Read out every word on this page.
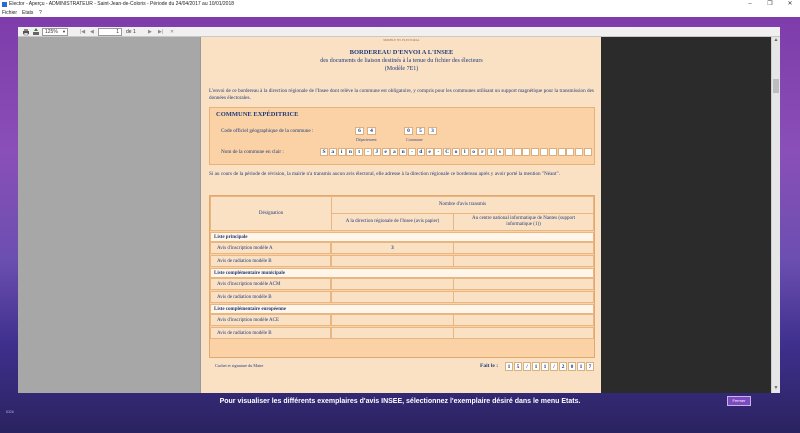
Elector - Aperçu - ADMINISTRATEUR - Saint-Jean-de-Coloris - Période du 24/04/2017 au 10/01/2018	–	❐	✕
Fichier Etats ?
125% ▼	|◀ ◀	1	de 1 ▶ ▶| ✕
MODELE 7E1 ELECTORAL
BORDEREAU D'ENVOI A L'INSEE
des documents de liaison destinés à la tenue du fichier des électeurs
(Modèle 7E1)
L'envoi de ce bordereau à la direction régionale de l'Insee dont relève la commune est obligatoire, y compris pour les communes utilisant un support magnétique pour la transmission des données électorales.
COMMUNE EXPÉDITRICE
Code officiel géographique de la commune :	6	4
Département
0	5	3
Commune
Nom de la commune en clair :	S	a	i	n	t	-	J	e	a	n	-	d	e	-	C o	l	o	r	i	s
Si au cours de la période de révision, la mairie n'a transmis aucun avis électoral, elle adresse à la direction régionale ce bordereau après y avoir porté la mention "Néant".
Désignation
Nombre d'avis transmis
A la direction régionale de l'Insee (avis papier)
Au centre national informatique de Nantes (support informatique (1))
Liste principale
Avis d'inscription modèle A	3
Avis de radiation modèle B
Liste complémentaire municipale
Avis d'inscription modèle ACM
Avis de radiation modèle B
Liste complémentaire européenne
Avis d'inscription modèle ACE
Avis de radiation modèle B
Cachet et signature du Maire	Fait le :	1	5	/	1	1	/	2	0	1	7
▲
▼
Pour visualiser les différents exemplaires d'avis INSEE, sélectionnez l'exemplaire désiré dans le menu Etats.	Fermer
8326
